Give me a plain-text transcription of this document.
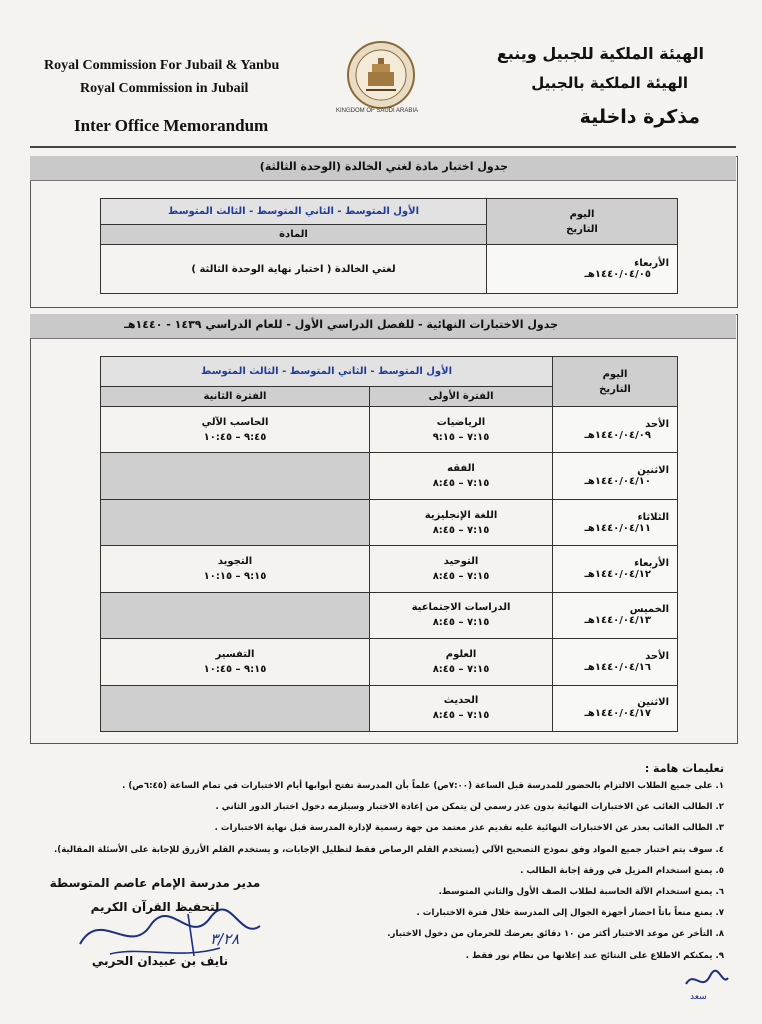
Royal Commission For Jubail & Yanbu
Royal Commission in Jubail
Inter Office Memorandum
KINGDOM OF SAUDI ARABIA
الهيئة الملكية للجبيل وينبع
الهيئة الملكية بالجبيل
مذكرة داخلية
جدول اختبار مادة لغتي الخالدة (الوحدة الثالثة)
اليوم
التاريخ	الأول المتوسط - الثاني المتوسط - الثالث المتوسط
	المادة

الأربعاء
١٤٤٠/٠٤/٠٥هـ	لغتي الخالدة ( اختبار نهاية الوحدة الثالثة )
جدول الاختبارات النهائية - للفصل الدراسي الأول - للعام الدراسي ١٤٣٩ - ١٤٤٠هـ
اليوم
التاريخ	الأول المتوسط - الثاني المتوسط - الثالث المتوسط	
	الفترة الأولى	الفترة الثانية

الأحد
١٤٤٠/٠٤/٠٩هـ	الرياضيات
٧:١٥ – ٩:١٥	الحاسب الآلي
٩:٤٥ – ١٠:٤٥

الاثنين
١٤٤٠/٠٤/١٠هـ	الفقه
٧:١٥ – ٨:٤٥	

الثلاثاء
١٤٤٠/٠٤/١١هـ	اللغة الإنجليزية
٧:١٥ – ٨:٤٥	

الأربعاء
١٤٤٠/٠٤/١٢هـ	التوحيد
٧:١٥ – ٨:٤٥	التجويد
٩:١٥ – ١٠:١٥

الخميس
١٤٤٠/٠٤/١٣هـ	الدراسات الاجتماعية
٧:١٥ – ٨:٤٥	

الأحد
١٤٤٠/٠٤/١٦هـ	العلوم
٧:١٥ – ٨:٤٥	التفسير
٩:١٥ – ١٠:٤٥

الاثنين
١٤٤٠/٠٤/١٧هـ	الحديث
٧:١٥ – ٨:٤٥	

تعليمات هامة :
١. على جميع الطلاب الالتزام بالحضور للمدرسة قبل الساعة (٧:٠٠ص) علماً بأن المدرسة تفتح أبوابها أيام الاختبارات في تمام الساعة (٦:٤٥ص) .
٢. الطالب الغائب عن الاختبارات النهائية بدون عذر رسمي لن يتمكن من إعادة الاختبار وسيلزمه دخول اختبار الدور الثاني .
٣. الطالب الغائب بعذر عن الاختبارات النهائية عليه تقديم عذر معتمد من جهة رسمية لإدارة المدرسة قبل نهاية الاختبارات .
٤. سوف يتم اختبار جميع المواد وفق نموذج التصحيح الآلي (يستخدم القلم الرصاص فقط لتظليل الإجابات، و يستخدم القلم الأزرق للإجابة على الأسئلة المقالية).
٥. يمنع استخدام المزيل في ورقة إجابة الطالب .
٦. يمنع استخدام الآلة الحاسبة لطلاب الصف الأول والثاني المتوسط.
٧. يمنع منعاً باتاً احضار أجهزة الجوال إلى المدرسة خلال فترة الاختبارات .
٨. التأخر عن موعد الاختبار أكثر من ١٠ دقائق يعرضك للحرمان من دخول الاختبار.
٩. يمكنكم الاطلاع على النتائج عند إعلانها من نظام نور فقط .
مدير مدرسة الإمام عاصم المتوسطة
لتحفيظ القرآن الكريم
٣/٢٨
نايف بن عبيدان الحربي
سعد
